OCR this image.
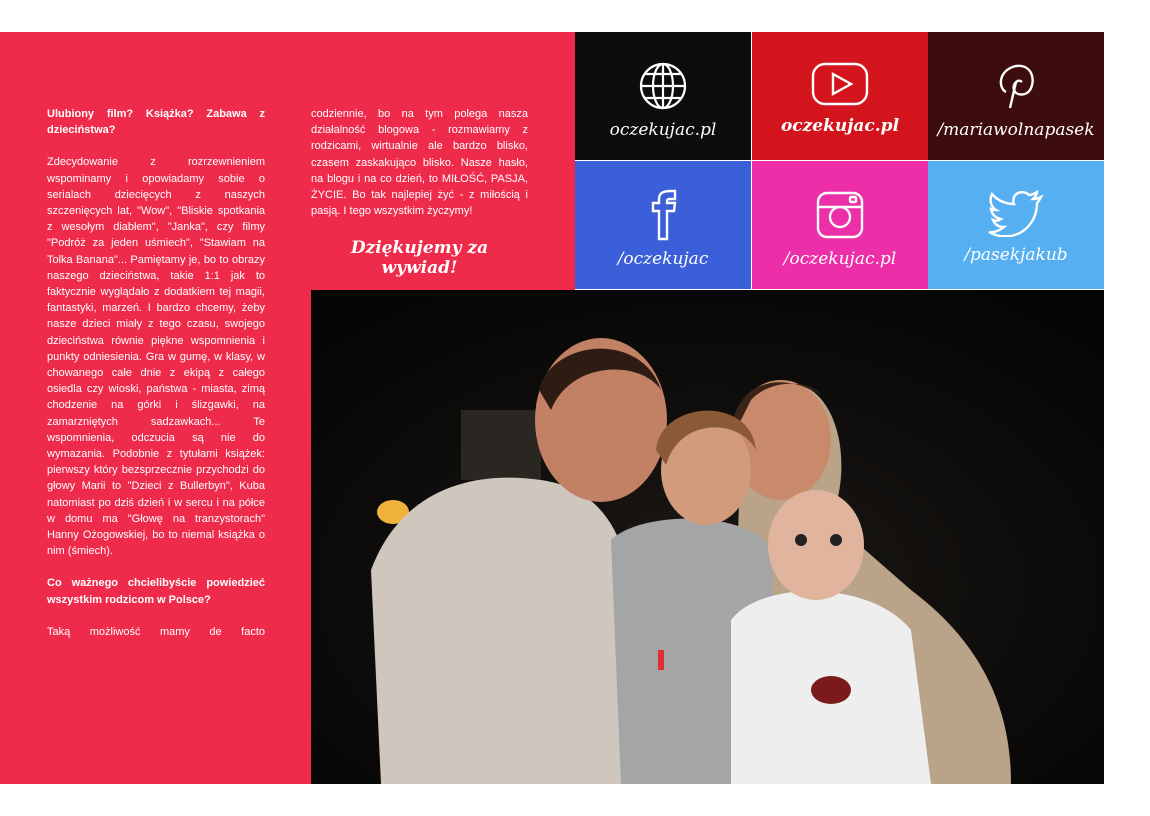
Ulubiony film? Książka? Zabawa z dzieciństwa?

Zdecydowanie z rozrzewnieniem wspominamy i opowiadamy sobie o serialach dziecięcych z naszych szczenięcych lat, "Wow", "Bliskie spotkania z wesołym diabłem", "Janka", czy filmy "Podróż za jeden uśmiech", "Stawiam na Tolka Banana"... Pamiętamy je, bo to obrazy naszego dzieciństwa, takie 1:1 jak to faktycznie wyglądało z dodatkiem tej magii, fantastyki, marzeń. I bardzo chcemy, żeby nasze dzieci miały z tego czasu, swojego dzieciństwa równie piękne wspomnienia i punkty odniesienia. Gra w gumę, w klasy, w chowanego całe dnie z ekipą z całego osiedla czy wioski, państwa - miasta, zimą chodzenie na górki i ślizgawki, na zamarzniętych sadzawkach... Te wspomnienia, odczucia są nie do wymazania. Podobnie z tytułami książek: pierwszy który bezsprzecznie przychodzi do głowy Marii to "Dzieci z Bullerbyn", Kuba natomiast po dziś dzień i w sercu i na półce w domu ma "Głowę na tranzystorach" Hanny Ożogowskiej, bo to niemal książka o nim (śmiech).

Co ważnego chcielibyście powiedzieć wszystkim rodzicom w Polsce?

Taką możliwość mamy de facto

codziennie, bo na tym polega nasza działalność blogowa - rozmawiamy z rodzicami, wirtualnie ale bardzo blisko, czasem zaskakująco blisko. Nasze hasło, na blogu i na co dzień, to MIŁOŚĆ, PASJA, ŻYCIE. Bo tak najlepiej żyć - z miłością i pasją. I tego wszystkim życzymy!

Dziękujemy za wywiad!
oczekujac.pl	oczekujac.pl /mariawolnapasek
/oczekujac	/oczekujac.pl	/pasekjakub
